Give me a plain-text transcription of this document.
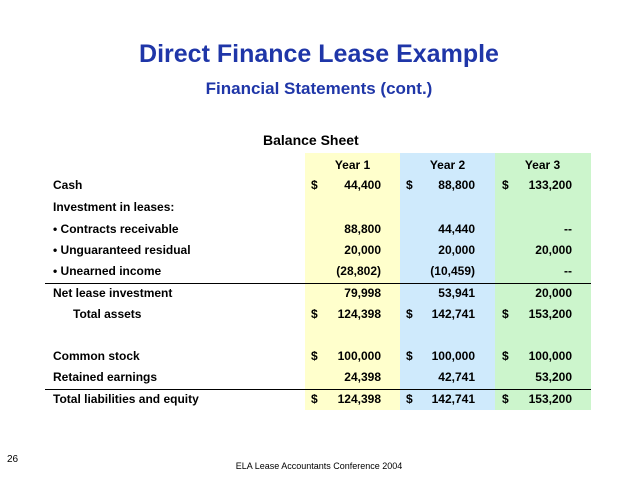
Direct Finance Lease Example
Financial Statements (cont.)
Balance Sheet
Year 1	Year 2	Year 3
Cash	$	44,400 $	88,800 $	133,200
Investment in leases:
• Contracts receivable	88,800	44,440	--
• Unguaranteed residual	20,000	20,000	20,000
• Unearned income	(28,802)	(10,459)	--
Net lease investment	79,998	53,941	20,000
Total assets	$	124,398 $	142,741 $	153,200
Common stock	$	100,000 $	100,000 $	100,000
Retained earnings	24,398	42,741	53,200
Total liabilities and equity	$	124,398 $	142,741 $	153,200
26
ELA Lease Accountants Conference 2004
